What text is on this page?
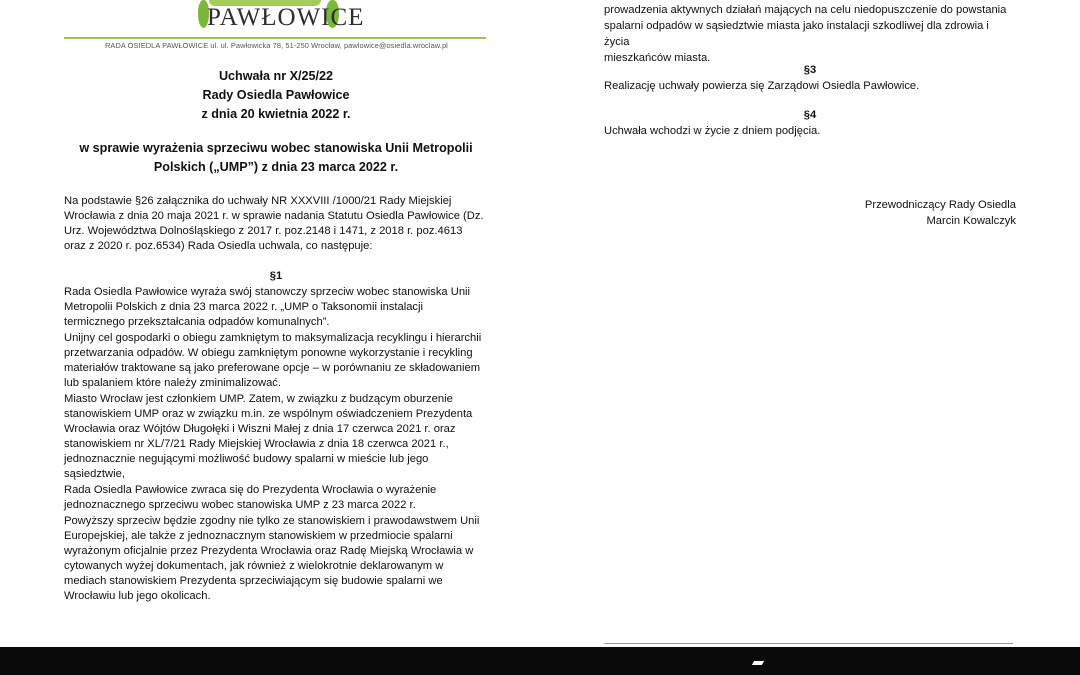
PAWŁOWICE
RADA OSIEDLA PAWŁOWICE ul. ul. Pawłowicka 78, 51-250 Wrocław, pawlowice@osiedla.wroclaw.pl
Uchwała nr X/25/22
Rady Osiedla Pawłowice
z dnia 20 kwietnia 2022 r.
w sprawie wyrażenia sprzeciwu wobec stanowiska Unii Metropolii
Polskich („UMP”) z dnia 23 marca 2022 r.
Na podstawie §26 załącznika do uchwały NR XXXVIII /1000/21 Rady Miejskiej
Wrocławia z dnia 20 maja 2021 r. w sprawie nadania Statutu Osiedla Pawłowice (Dz.
Urz. Województwa Dolnośląskiego z 2017 r. poz.2148 i 1471, z 2018 r. poz.4613
oraz z 2020 r. poz.6534) Rada Osiedla uchwala, co następuje:
§1
Rada Osiedla Pawłowice wyraża swój stanowczy sprzeciw wobec stanowiska Unii
Metropolii Polskich z dnia 23 marca 2022 r. „UMP o Taksonomii instalacji
termicznego przekształcania odpadów komunalnych”.
Unijny cel gospodarki o obiegu zamkniętym to maksymalizacja recyklingu i hierarchii
przetwarzania odpadów. W obiegu zamkniętym ponowne wykorzystanie i recykling
materiałów traktowane są jako preferowane opcje – w porównaniu ze składowaniem
lub spalaniem które należy zminimalizować.
Miasto Wrocław jest członkiem UMP. Zatem, w związku z budzącym oburzenie
stanowiskiem UMP oraz w związku m.in. ze wspólnym oświadczeniem Prezydenta
Wrocławia oraz Wójtów Długołęki i Wiszni Małej z dnia 17 czerwca 2021 r. oraz
stanowiskiem nr XL/7/21 Rady Miejskiej Wrocławia z dnia 18 czerwca 2021 r.,
jednoznacznie negującymi możliwość budowy spalarni w mieście lub jego
sąsiedztwie,
Rada Osiedla Pawłowice zwraca się do Prezydenta Wrocławia o wyrażenie
jednoznacznego sprzeciwu wobec stanowiska UMP z 23 marca 2022 r.
Powyższy sprzeciw będzie zgodny nie tylko ze stanowiskiem i prawodawstwem Unii
Europejskiej, ale także z jednoznacznym stanowiskiem w przedmiocie spalarni
wyrażonym oficjalnie przez Prezydenta Wrocławia oraz Radę Miejską Wrocławia w
cytowanych wyżej dokumentach, jak również z wielokrotnie deklarowanym w
mediach stanowiskiem Prezydenta sprzeciwiającym się budowie spalarni we
Wrocławiu lub jego okolicach.
prowadzenia aktywnych działań mających na celu niedopuszczenie do powstania
spalarni odpadów w sąsiedztwie miasta jako instalacji szkodliwej dla zdrowia i życia
mieszkańców miasta.
§3
Realizację uchwały powierza się Zarządowi Osiedla Pawłowice.
§4
Uchwała wchodzi w życie z dniem podjęcia.
Przewodniczący Rady Osiedla
Marcin Kowalczyk
